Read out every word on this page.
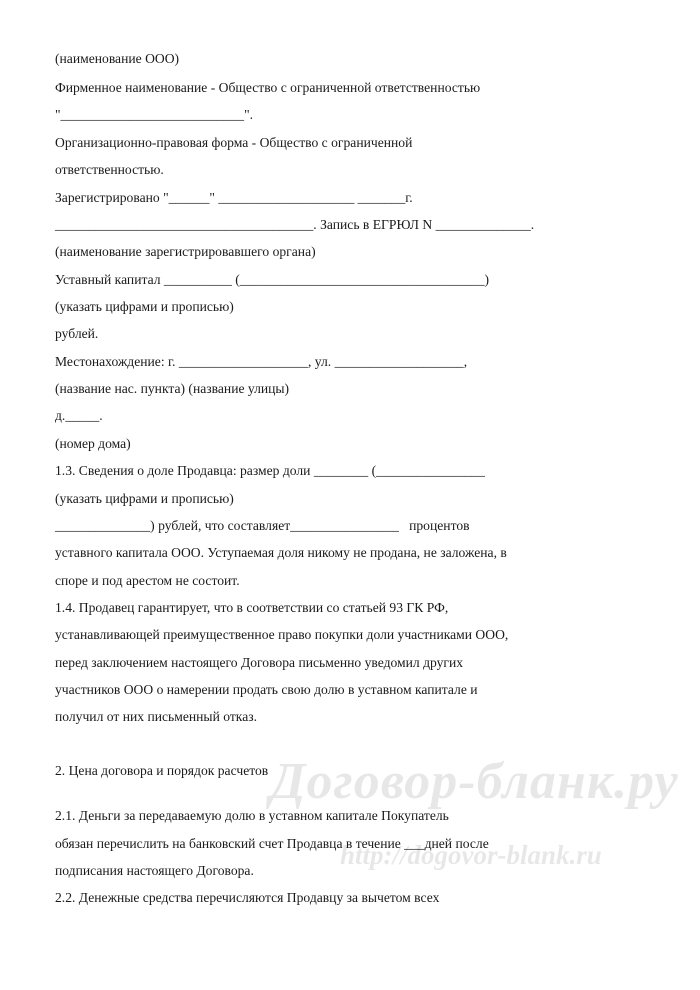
(наименование ООО)
Фирменное наименование - Общество с ограниченной ответственностью
"___________________________".
Организационно-правовая форма - Общество с ограниченной
ответственностью.
Зарегистрировано "______" ____________________ _______г.
______________________________________. Запись в ЕГРЮЛ N ______________.
(наименование зарегистрировавшего органа)
Уставный капитал __________ (____________________________________)
(указать цифрами и прописью)
рублей.
Местонахождение: г. ___________________, ул. ___________________,
(название нас. пункта) (название улицы)
д._____.
(номер дома)
1.3. Сведения о доле Продавца: размер доли ________ (________________
(указать цифрами и прописью)
______________) рублей, что составляет________________   процентов
уставного капитала ООО. Уступаемая доля никому не продана, не заложена, в
споре и под арестом не состоит.
1.4. Продавец гарантирует, что в соответствии со статьей 93 ГК РФ,
устанавливающей преимущественное право покупки доли участниками ООО,
перед заключением настоящего Договора письменно уведомил других
участников ООО о намерении продать свою долю в уставном капитале и
получил от них письменный отказ.
2. Цена договора и порядок расчетов
2.1. Деньги за передаваемую долю в уставном капитале Покупатель
обязан перечислить на банковский счет Продавца в течение ___дней после
подписания настоящего Договора.
2.2. Денежные средства перечисляются Продавцу за вычетом всех
Договор-бланк.ру
http://dogovor-blank.ru
